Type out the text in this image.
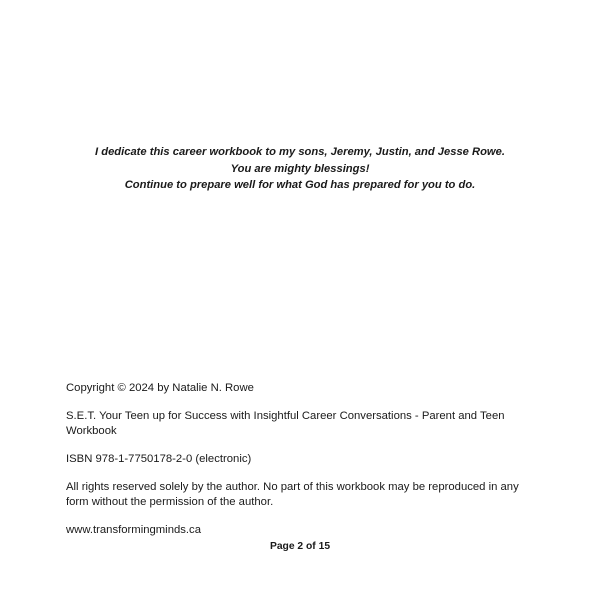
I dedicate this career workbook to my sons, Jeremy, Justin, and Jesse Rowe.
You are mighty blessings!
Continue to prepare well for what God has prepared for you to do.
Copyright © 2024 by Natalie N. Rowe
S.E.T. Your Teen up for Success with Insightful Career Conversations - Parent and Teen Workbook
ISBN 978-1-7750178-2-0 (electronic)
All rights reserved solely by the author. No part of this workbook may be reproduced in any form without the permission of the author.
www.transformingminds.ca
Page 2 of 15
